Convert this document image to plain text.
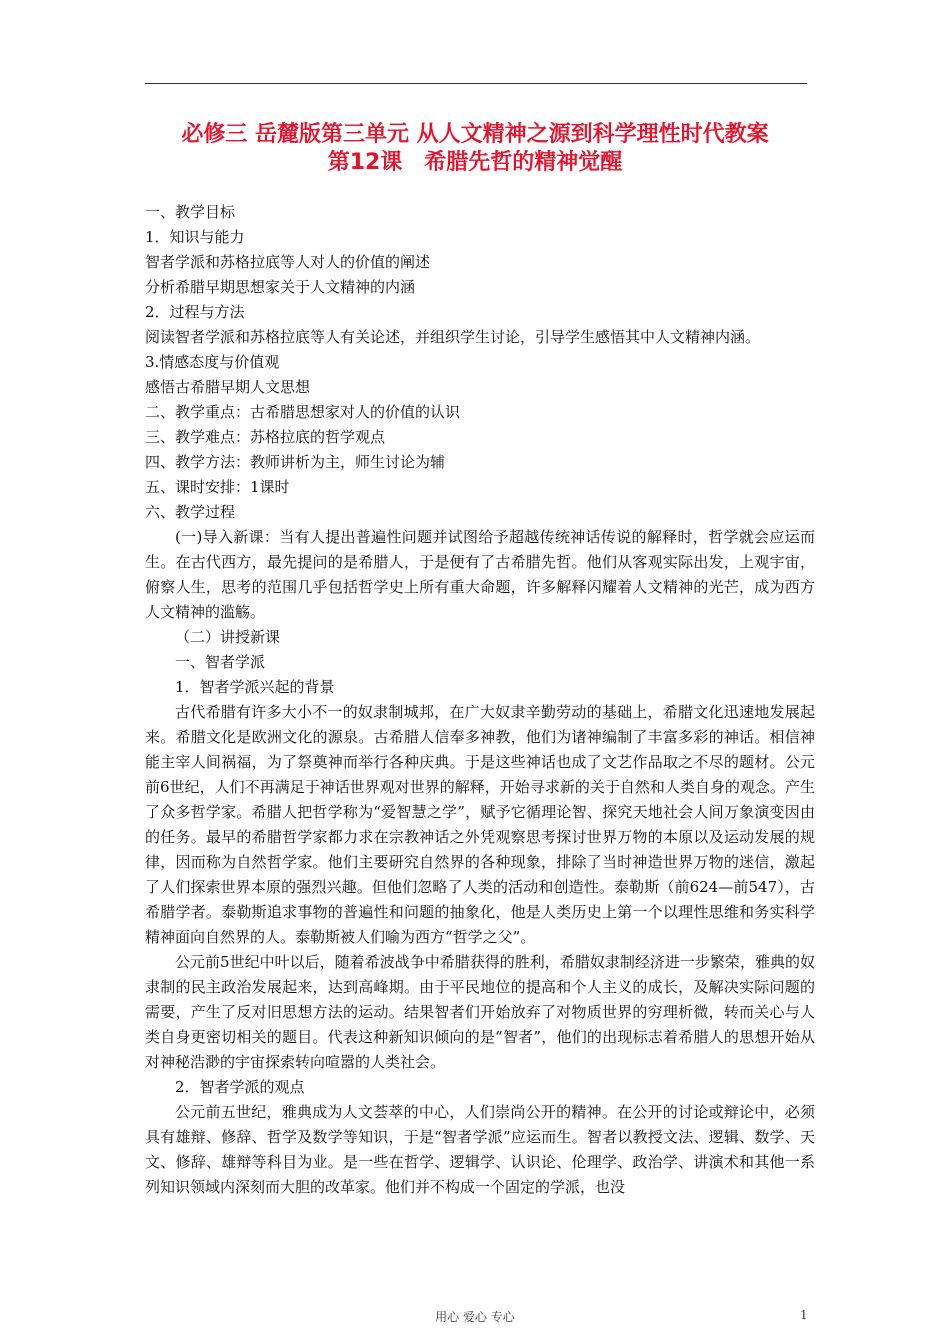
必修三 岳麓版第三单元 从人文精神之源到科学理性时代教案
第12课　希腊先哲的精神觉醒

一、教学目标

1．知识与能力

智者学派和苏格拉底等人对人的价值的阐述

分析希腊早期思想家关于人文精神的内涵

2．过程与方法

阅读智者学派和苏格拉底等人有关论述，并组织学生讨论，引导学生感悟其中人文精神内涵。

3.情感态度与价值观

感悟古希腊早期人文思想

二、教学重点：古希腊思想家对人的价值的认识

三、教学难点：苏格拉底的哲学观点

四、教学方法：教师讲析为主，师生讨论为辅

五、课时安排：1课时

六、教学过程

(一)导入新课：当有人提出普遍性问题并试图给予超越传统神话传说的解释时，哲学就会应运而生。在古代西方，最先提问的是希腊人，于是便有了古希腊先哲。他们从客观实际出发，上观宇宙，俯察人生，思考的范围几乎包括哲学史上所有重大命题，许多解释闪耀着人文精神的光芒，成为西方人文精神的滥觞。

（二）讲授新课

一、智者学派

1．智者学派兴起的背景

古代希腊有许多大小不一的奴隶制城邦，在广大奴隶辛勤劳动的基础上，希腊文化迅速地发展起来。希腊文化是欧洲文化的源泉。古希腊人信奉多神教，他们为诸神编制了丰富多彩的神话。相信神能主宰人间祸福，为了祭奠神而举行各种庆典。于是这些神话也成了文艺作品取之不尽的题材。公元前6世纪，人们不再满足于神话世界观对世界的解释，开始寻求新的关于自然和人类自身的观念。产生了众多哲学家。希腊人把哲学称为“爱智慧之学”，赋予它循理论智、探究天地社会人间万象演变因由的任务。最早的希腊哲学家都力求在宗教神话之外凭观察思考探讨世界万物的本原以及运动发展的规律，因而称为自然哲学家。他们主要研究自然界的各种现象，排除了当时神造世界万物的迷信，激起了人们探索世界本原的强烈兴趣。但他们忽略了人类的活动和创造性。泰勒斯（前624—前547），古希腊学者。泰勒斯追求事物的普遍性和问题的抽象化，他是人类历史上第一个以理性思维和务实科学精神面向自然界的人。泰勒斯被人们喻为西方“哲学之父”。

公元前5世纪中叶以后，随着希波战争中希腊获得的胜利，希腊奴隶制经济进一步繁荣，雅典的奴隶制的民主政治发展起来，达到高峰期。由于平民地位的提高和个人主义的成长，及解决实际问题的需要，产生了反对旧思想方法的运动。结果智者们开始放弃了对物质世界的穷理析微，转而关心与人类自身更密切相关的题目。代表这种新知识倾向的是“智者”，他们的出现标志着希腊人的思想开始从对神秘浩渺的宇宙探索转向喧嚣的人类社会。

2．智者学派的观点

公元前五世纪，雅典成为人文荟萃的中心，人们崇尚公开的精神。在公开的讨论或辩论中，必须具有雄辩、修辞、哲学及数学等知识，于是“智者学派”应运而生。智者以教授文法、逻辑、数学、天文、修辞、雄辩等科目为业。是一些在哲学、逻辑学、认识论、伦理学、政治学、讲演术和其他一系列知识领域内深刻而大胆的改革家。他们并不构成一个固定的学派，也没

用心 爱心 专心	1
